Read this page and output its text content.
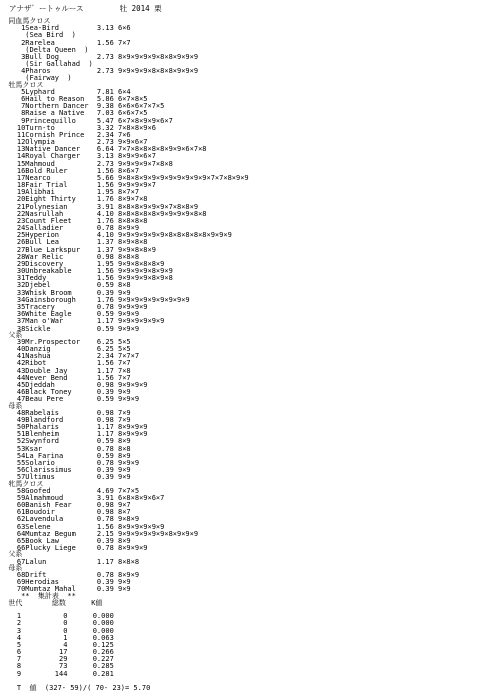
アナザ゛ートゥルース        牡 2014 栗
同血馬クロス
1Sea-Bird         3.13 6×6
(Sea Bird  )
2Rarelea          1.56 7×7
(Delta Queen  )
3Bull Dog         2.73 8×9×9×9×9×8×8×9×9×9
(Sir Gallahad  )
4Pharos           2.73 9×9×9×9×8×8×8×9×9×9
(Fairway  )
牡馬クロス
5Lyphard          7.81 6×4
6Hail to Reason   5.86 6×7×8×5
7Northern Dancer  9.38 6×6×6×7×7×5
8Raise a Native   7.03 6×6×7×5
9Princequillo     5.47 6×7×8×9×9×6×7
10Turn-to          3.32 7×8×8×9×6
11Cornish Prince   2.34 7×6
12Olympia          2.73 9×9×6×7
13Native Dancer    6.64 7×7×8×8×8×8×9×9×6×7×8
14Royal Charger    3.13 8×9×9×6×7
15Mahmoud          2.73 9×9×9×9×7×8×8
16Bold Ruler       1.56 8×6×7
17Nearco           5.66 9×8×8×9×9×9×9×9×9×9×9×7×7×8×9×9
18Fair Trial       1.56 9×9×9×9×7
19Alibhai          1.95 8×7×7
20Eight Thirty     1.76 8×9×7×8
21Polynesian       3.91 8×8×8×9×9×9×7×8×8×9
22Nasrullah        4.10 8×8×8×8×8×9×9×9×9×8×8
23Count Fleet      1.76 8×8×8×8
24Salladier        0.78 8×9×9
25Hyperion         4.10 9×9×9×9×9×9×8×8×8×8×8×9×9×9
26Bull Lea         1.37 8×9×8×8
27Blue Larkspur    1.37 9×9×8×8×9
28War Relic        0.98 8×8×8
29Discovery        1.95 9×9×8×8×8×9
30Unbreakable      1.56 9×9×9×9×8×9×9
31Teddy            1.56 9×9×9×9×8×9×8
32Djebel           0.59 8×8
33Whisk Broom      0.39 9×9
34Gainsborough     1.76 9×9×9×9×9×9×9×9×9
35Tracery          0.78 9×9×9×9
36White Eagle      0.59 9×9×9
37Man o'War        1.17 9×9×9×9×9×9
38Sickle           0.59 9×9×9
父系
39Mr.Prospector    6.25 5×5
40Danzig           6.25 5×5
41Nashua           2.34 7×7×7
42Ribot            1.56 7×7
43Double Jay       1.17 7×8
44Never Bend       1.56 7×7
45Djeddah          0.98 9×9×9×9
46Black Toney      0.39 9×9
47Beau Pere        0.59 9×9×9
母系
48Rabelais         0.98 7×9
49Blandford        0.98 7×9
50Phalaris         1.17 8×9×9×9
51Blenheim         1.17 8×9×9×9
52Swynford         0.59 8×9
53Ksar             0.78 8×8
54La Farina        0.59 8×9
55Solario          0.78 9×9×9
56Clarissimus      0.39 9×9
57Ultimus          0.39 9×9
牝馬クロス
58Goofed           4.69 7×7×5
59Almahmoud        3.91 6×8×8×9×6×7
60Banish Fear      0.98 9×7
61Boudoir          0.98 8×7
62Lavendula        0.78 9×8×9
63Selene           1.56 8×9×9×9×9×9
64Mumtaz Begum     2.15 9×9×9×9×9×9×8×9×9×9
65Book Law         0.39 8×9
66Plucky Liege     0.78 8×9×9×9
父系
67Lalun            1.17 8×8×8
母系
68Drift            0.78 8×9×9
69Herodias         0.39 9×9
70Mumtaz Mahal     0.39 9×9
**  集計表  **
世代       総数      K値
1          0      0.000
2          0      0.000
3          0      0.000
4          1      0.063
5          4      0.125
6         17      0.266
7         29      0.227
8         73      0.285
9        144      0.281
T  値  (327- 59)/( 70- 23)= 5.70
